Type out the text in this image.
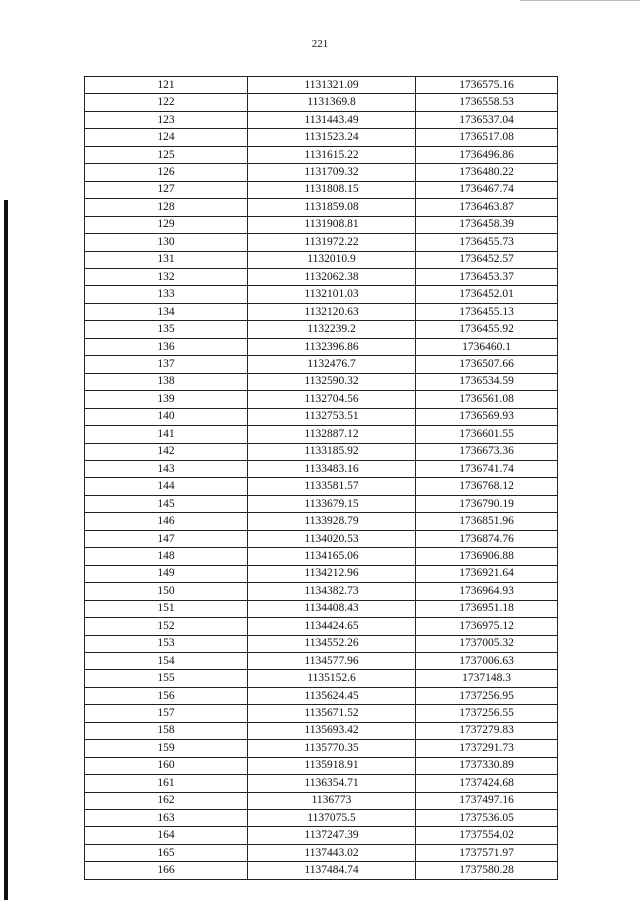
221
121	1131321.09	1736575.16
122	1131369.8	1736558.53
123	1131443.49	1736537.04
124	1131523.24	1736517.08
125	1131615.22	1736496.86
126	1131709.32	1736480.22
127	1131808.15	1736467.74
128	1131859.08	1736463.87
129	1131908.81	1736458.39
130	1131972.22	1736455.73
131	1132010.9	1736452.57
132	1132062.38	1736453.37
133	1132101.03	1736452.01
134	1132120.63	1736455.13
135	1132239.2	1736455.92
136	1132396.86	1736460.1
137	1132476.7	1736507.66
138	1132590.32	1736534.59
139	1132704.56	1736561.08
140	1132753.51	1736569.93
141	1132887.12	1736601.55
142	1133185.92	1736673.36
143	1133483.16	1736741.74
144	1133581.57	1736768.12
145	1133679.15	1736790.19
146	1133928.79	1736851.96
147	1134020.53	1736874.76
148	1134165.06	1736906.88
149	1134212.96	1736921.64
150	1134382.73	1736964.93
151	1134408.43	1736951.18
152	1134424.65	1736975.12
153	1134552.26	1737005.32
154	1134577.96	1737006.63
155	1135152.6	1737148.3
156	1135624.45	1737256.95
157	1135671.52	1737256.55
158	1135693.42	1737279.83
159	1135770.35	1737291.73
160	1135918.91	1737330.89
161	1136354.71	1737424.68
162	1136773	1737497.16
163	1137075.5	1737536.05
164	1137247.39	1737554.02
165	1137443.02	1737571.97
166	1137484.74	1737580.28
